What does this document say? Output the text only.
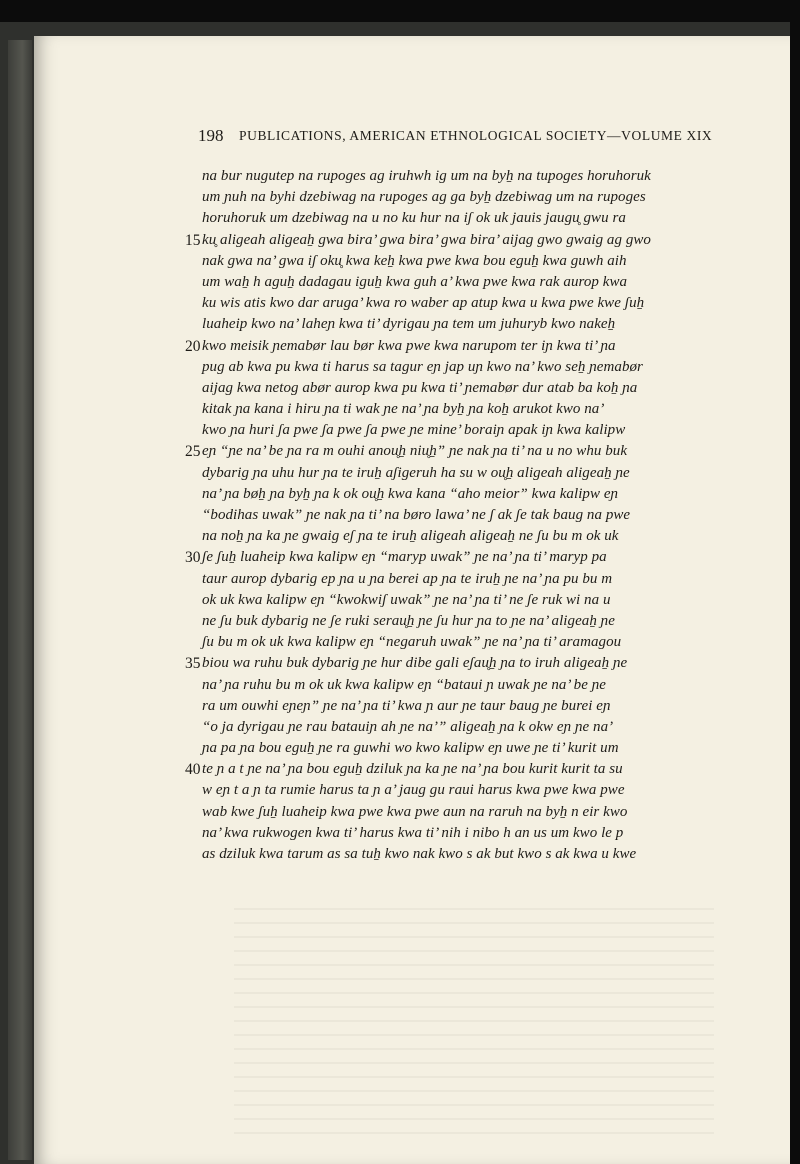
198 PUBLICATIONS, AMERICAN ETHNOLOGICAL SOCIETY—VOLUME XIX
na bur nugutep na rupoges ag iruhwh ig um na byẖ na tupoges horuhoruk
um ɲuh na byhi dzebiwag na rupoges ag ga byẖ dzebiwag um na rupoges
horuhoruk um dzebiwag na u no ku hur na iʃ ok uk jauis jaugu̥ gwu ra
15 ku̥ aligeah aligeaẖ gwa bira’ gwa bira’ gwa bira’ aijag gwo gwaig ag gwo
nak gwa na’ gwa iʃ oku̥ kwa keẖ kwa pwe kwa bou eguẖ kwa guwh aih
um waẖ h aguẖ dadagau iguẖ kwa guh a’ kwa pwe kwa rak aurop kwa
ku wis atis kwo dar aruga’ kwa ro waber ap atup kwa u kwa pwe kwe ʃuẖ
luaheip kwo na’ laheɲ kwa ti’ dyrigau ɲa tem um juhuryb kwo nakeẖ
20 kwo meisik ɲemabør lau bør kwa pwe kwa narupom ter iɲ kwa ti’ ɲa
pug ab kwa pu kwa ti harus sa tagur eɲ jap uɲ kwo na’ kwo seẖ ɲemabør
aijag kwa netog abør aurop kwa pu kwa ti’ ɲemabør dur atab ba koẖ ɲa
kitak ɲa kana i hiru ɲa ti wak ɲe na’ ɲa byẖ ɲa koẖ arukot kwo na’
kwo ɲa huri ʃa pwe ʃa pwe ʃa pwe ɲe mine’ boraiɲ apak iɲ kwa kalipw
25 eɲ “ɲe na’ be ɲa ra m ouhi anou̥ẖ niu̥ẖ” ɲe nak ɲa ti’ na u no whu buk
dybarig ɲa uhu hur ɲa te iruẖ aʃigeruh ha su w ou̥ẖ aligeah aligeaẖ ɲe
na’ ɲa bøẖ ɲa byẖ ɲa k ok ou̥ẖ kwa kana “aho meior” kwa kalipw eɲ
“bodihas uwak” ɲe nak ɲa ti’ na børo lawa’ ne ʃ ak ʃe tak baug na pwe
na noẖ ɲa ka ɲe gwaig eʃ ɲa te iruẖ aligeah aligeaẖ ne ʃu bu m ok uk
30 ʃe ʃuẖ luaheip kwa kalipw eɲ “maryp uwak” ɲe na’ ɲa ti’ maryp pa
taur aurop dybarig ep ɲa u ɲa berei ap ɲa te iruẖ ɲe na’ ɲa pu bu m
ok uk kwa kalipw eɲ “kwokwiʃ uwak” ɲe na’ ɲa ti’ ne ʃe ruk wi na u
ne ʃu buk dybarig ne ʃe ruki serau̥ẖ ɲe ʃu hur ɲa to ɲe na’ aligeaẖ ɲe
ʃu bu m ok uk kwa kalipw eɲ “negaruh uwak” ɲe na’ ɲa ti’ aramagou
35 biou wa ruhu buk dybarig ɲe hur dibe gali eʃau̥ẖ ɲa to iruh aligeaẖ ɲe
na’ ɲa ruhu bu m ok uk kwa kalipw eɲ “bataui ɲ uwak ɲe na’ be ɲe
ra um ouwhi eɲeɲ” ɲe na’ ɲa ti’ kwa ɲ aur ɲe taur baug ɲe burei eɲ
“o ja dyrigau ɲe rau batauiɲ ah ɲe na’” aligeaẖ ɲa k okw eɲ ɲe na’
ɲa pa ɲa bou eguẖ ɲe ra guwhi wo kwo kalipw eɲ uwe ɲe ti’ kurit um
40 te ɲ a t ɲe na’ ɲa bou eguẖ dziluk ɲa ka ɲe na’ ɲa bou kurit kurit ta su
w eɲ t a ɲ ta rumie harus ta ɲ a’ jaug gu raui harus kwa pwe kwa pwe
wab kwe ʃuẖ luaheip kwa pwe kwa pwe aun na raruh na byẖ n eir kwo
na’ kwa rukwogen kwa ti’ harus kwa ti’ nih i nibo h an us um kwo le p
as dziluk kwa tarum as sa tuẖ kwo nak kwo s ak but kwo s ak kwa u kwe
